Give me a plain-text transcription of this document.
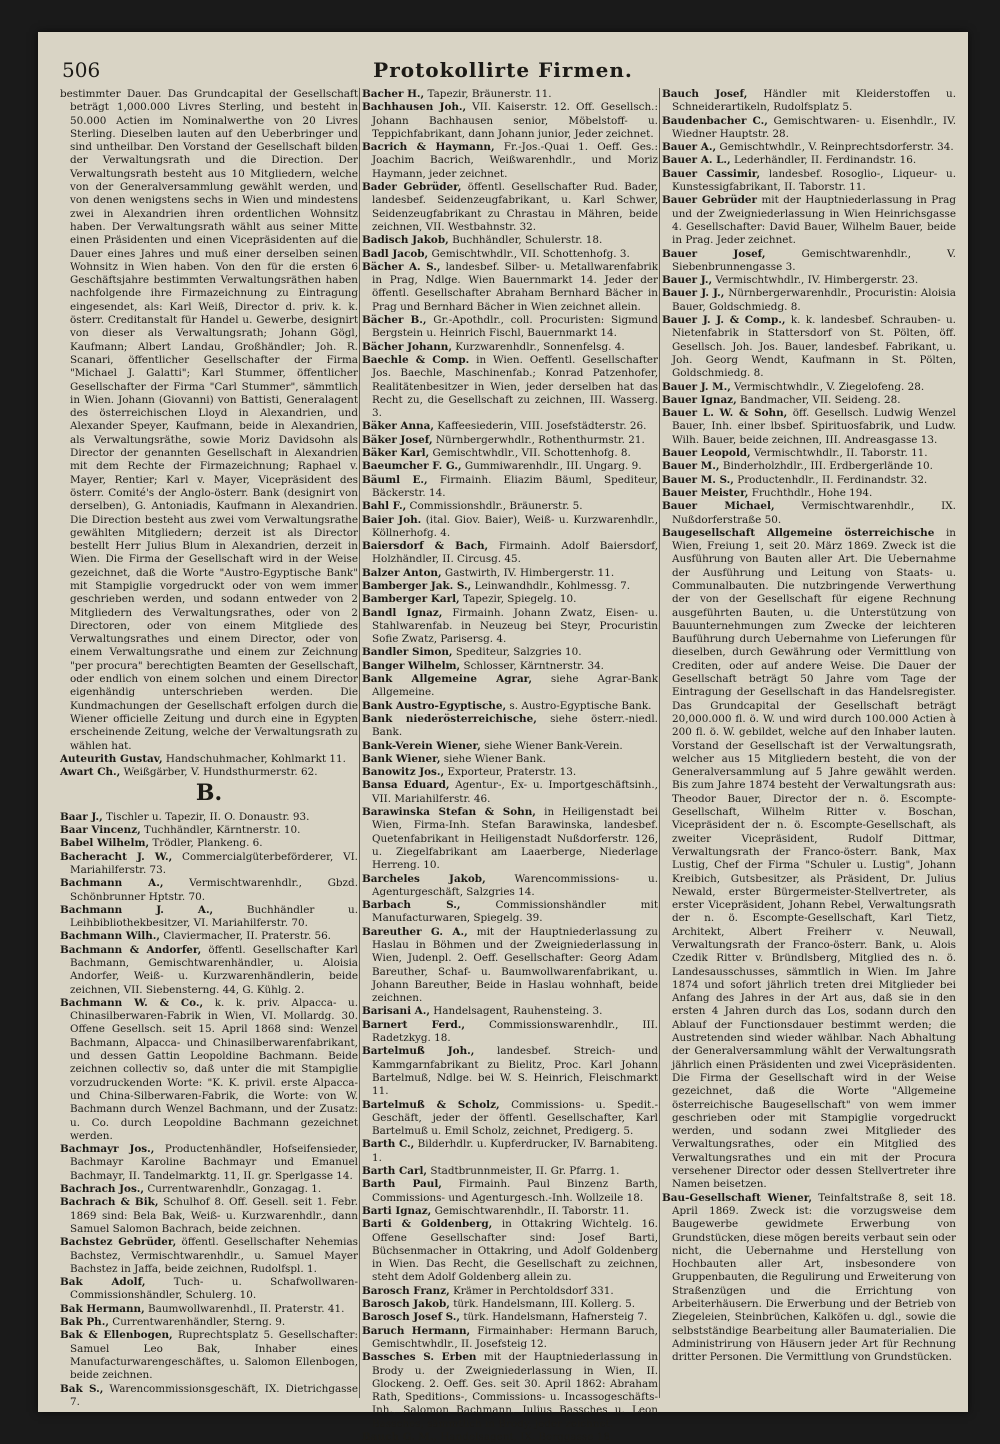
506	Protokollirte Firmen.

bestimmter Dauer. Das Grundcapital der Gesellschaft beträgt 1,000.000 Livres Sterling, und besteht in 50.000 Actien im Nominalwerthe von 20 Livres Sterling. Dieselben lauten auf den Ueberbringer und sind untheilbar. Den Vorstand der Gesellschaft bilden der Verwaltungsrath und die Direction. Der Verwaltungsrath besteht aus 10 Mitgliedern, welche von der Generalversammlung gewählt werden, und von denen wenigstens sechs in Wien und mindestens zwei in Alexandrien ihren ordentlichen Wohnsitz haben. Der Verwaltungsrath wählt aus seiner Mitte einen Präsidenten und einen Vicepräsidenten auf die Dauer eines Jahres und muß einer derselben seinen Wohnsitz in Wien haben. Von den für die ersten 6 Geschäftsjahre bestimmten Verwaltungsräthen haben nachfolgende ihre Firmazeichnung zu Eintragung eingesendet, als: Karl Weiß, Director d. priv. k. k. österr. Creditanstalt für Handel u. Gewerbe, designirt von dieser als Verwaltungsrath; Johann Gögl, Kaufmann; Albert Landau, Großhändler; Joh. R. Scanari, öffentlicher Gesellschafter der Firma "Michael J. Galatti"; Karl Stummer, öffentlicher Gesellschafter der Firma "Carl Stummer", sämmtlich in Wien. Johann (Giovanni) von Battisti, Generalagent des österreichischen Lloyd in Alexandrien, und Alexander Speyer, Kaufmann, beide in Alexandrien, als Verwaltungsräthe, sowie Moriz Davidsohn als Director der genannten Gesellschaft in Alexandrien mit dem Rechte der Firmazeichnung; Raphael v. Mayer, Rentier; Karl v. Mayer, Vicepräsident des österr. Comité's der Anglo-österr. Bank (designirt von derselben), G. Antoniadis, Kaufmann in Alexandrien. Die Direction besteht aus zwei vom Verwaltungsrathe gewählten Mitgliedern; derzeit ist als Director bestellt Herr Julius Blum in Alexandrien, derzeit in Wien. Die Firma der Gesellschaft wird in der Weise gezeichnet, daß die Worte "Austro-Egyptische Bank" mit Stampiglie vorgedruckt oder von wem immer geschrieben werden, und sodann entweder von 2 Mitgliedern des Verwaltungsrathes, oder von 2 Directoren, oder von einem Mitgliede des Verwaltungsrathes und einem Director, oder von einem Verwaltungsrathe und einem zur Zeichnung "per procura" berechtigten Beamten der Gesellschaft, oder endlich von einem solchen und einem Director eigenhändig unterschrieben werden. Die Kundmachungen der Gesellschaft erfolgen durch die Wiener officielle Zeitung und durch eine in Egypten erscheinende Zeitung, welche der Verwaltungsrath zu wählen hat.

Auteurith Gustav, Handschuhmacher, Kohlmarkt 11.

Awart Ch., Weißgärber, V. Hundsthurmerstr. 62.

B.

Baar J., Tischler u. Tapezir, II. O. Donaustr. 93.

Baar Vincenz, Tuchhändler, Kärntnerstr. 10.

Babel Wilhelm, Trödler, Plankeng. 6.

Bacheracht J. W., Commercialgüterbeförderer, VI. Mariahilferstr. 73.

Bachmann A., Vermischtwarenhdlr., Gbzd. Schönbrunner Hptstr. 70.

Bachmann J. A.,	Buchhändler u. Leihbibliothekbesitzer, VI. Mariahilferstr. 70.

Bachmann Wilh., Claviermacher, II. Praterstr. 56.

Bachmann & Andorfer, öffentl. Gesellschafter Karl Bachmann, Gemischtwarenhändler, u. Aloisia Andorfer, Weiß- u. Kurzwarenhändlerin, beide zeichnen, VII. Siebensterng. 44, G. Kühlg. 2.

Bachmann W. & Co., k. k. priv. Alpacca- u. Chinasilberwaren-Fabrik in Wien, VI. Mollardg. 30. Offene Gesellsch. seit 15. April 1868 sind: Wenzel Bachmann, Alpacca- und Chinasilberwarenfabrikant, und dessen Gattin Leopoldine Bachmann. Beide zeichnen collectiv so, daß unter die mit Stampiglie vorzudruckenden Worte: "K. K. privil. erste Alpacca- und China-Silberwaren-Fabrik, die Worte: von W. Bachmann durch Wenzel Bachmann, und der Zusatz: u. Co. durch Leopoldine Bachmann gezeichnet werden.

Bachmayr Jos., Productenhändler, Hofseifensieder, Bachmayr Karoline Bachmayr und Emanuel Bachmayr, II. Tandelmarktg. 11, II. gr. Sperlgasse 14.

Bachrach Jos., Currentwarenhdlr., Gonzagag. 1.

Bachrach & Bik, Schulhof 8. Off. Gesell. seit 1. Febr. 1869 sind: Bela Bak, Weiß- u. Kurzwarenhdlr., dann Samuel Salomon Bachrach, beide zeichnen.

Bachstez Gebrüder, öffentl. Gesellschafter Nehemias Bachstez, Vermischtwarenhdlr., u. Samuel Mayer Bachstez in Jaffa, beide zeichnen, Rudolfspl. 1.

Bak Adolf,	Tuch- u. Schafwollwaren-Commissionshändler, Schulerg. 10.

Bak Hermann, Baumwollwarenhdl., II. Praterstr. 41.

Bak Ph., Currentwarenhändler, Sterng. 9.

Bak & Ellenbogen, Ruprechtsplatz 5. Gesellschafter: Samuel Leo Bak, Inhaber eines Manufacturwarengeschäftes, u. Salomon Ellenbogen, beide zeichnen.

Bak S., Warencommissionsgeschäft, IX. Dietrichgasse 7.

Bacher H., Tapezir, Bräunerstr. 11.

Bachhausen Joh., VII. Kaiserstr. 12. Off. Gesellsch.: Johann Bachhausen senior, Möbelstoff- u. Teppichfabrikant, dann Johann junior, Jeder zeichnet.

Bacrich & Haymann, Fr.-Jos.-Quai 1. Oeff. Ges.: Joachim Bacrich, Weißwarenhdlr., und Moriz Haymann, jeder zeichnet.

Bader Gebrüder, öffentl. Gesellschafter Rud. Bader, landesbef. Seidenzeugfabrikant, u. Karl Schwer, Seidenzeugfabrikant zu Chrastau in Mähren, beide zeichnen, VII. Westbahnstr. 32.

Badisch Jakob, Buchhändler, Schulerstr. 18.

Badl Jacob, Gemischtwhdlr., VII. Schottenhofg. 3.

Bächer A. S., landesbef. Silber- u. Metallwarenfabrik in Prag, Ndlge. Wien Bauernmarkt 14. Jeder der öffentl. Gesellschafter Abraham Bernhard Bächer in Prag und Bernhard Bächer in Wien zeichnet allein.

Bächer B., Gr.-Apothdlr., coll. Procuristen: Sigmund Bergstein u. Heinrich Fischl, Bauernmarkt 14.

Bächer Johann, Kurzwarenhdlr., Sonnenfelsg. 4.

Baechle & Comp. in Wien. Oeffentl. Gesellschafter Jos. Baechle, Maschinenfab.; Konrad Patzenhofer, Realitätenbesitzer in Wien, jeder derselben hat das Recht zu, die Gesellschaft zu zeichnen, III. Wasserg. 3.

Bäker Anna, Kaffeesiederin, VIII. Josefstädterstr. 26.

Bäker Josef, Nürnbergerwhdlr., Rothenthurmstr. 21.

Bäker Karl, Gemischtwhdlr., VII. Schottenhofg. 8.

Baeumcher F. G., Gummiwarenhdlr., III. Ungarg. 9.

Bäuml E., Firmainh. Eliazim Bäuml, Spediteur, Bäckerstr. 14.

Bahl F., Commissionshdlr., Bräunerstr. 5.

Baier Joh. (ital. Giov. Baier), Weiß- u. Kurzwarenhdlr., Köllnerhofg. 4.

Baiersdorf & Bach, Firmainh. Adolf Baiersdorf, Holzhändler, II. Circusg. 45.

Balzer Anton, Gastwirth, IV. Himbergerstr. 11.

Bamberger Jak. S., Leinwandhdlr., Kohlmessg. 7.

Bamberger Karl, Tapezir, Spiegelg. 10.

Bandl Ignaz, Firmainh. Johann Zwatz, Eisen- u. Stahlwarenfab. in Neuzeug bei Steyr, Procuristin Sofie Zwatz, Parisersg. 4.

Bandler Simon, Spediteur, Salzgries 10.

Banger Wilhelm, Schlosser, Kärntnerstr. 34.

Bank Allgemeine Agrar, siehe Agrar-Bank Allgemeine.

Bank Austro-Egyptische, s. Austro-Egyptische Bank.

Bank niederösterreichische, siehe österr.-niedl. Bank.

Bank-Verein Wiener, siehe Wiener Bank-Verein.

Bank Wiener, siehe Wiener Bank.

Banowitz Jos., Exporteur, Praterstr. 13.

Bansa Eduard, Agentur-, Ex- u. Importgeschäftsinh., VII. Mariahilferstr. 46.

Barawinska Stefan & Sohn, in Heiligenstadt bei Wien, Firma-Inh. Stefan Barawinska, landesbef. Quetenfabrikant in Heiligenstadt Nußdorferstr. 126, u. Ziegelfabrikant am Laaerberge, Niederlage Herreng. 10.

Barcheles Jakob,	Warencommissions- u. Agenturgeschäft, Salzgries 14.

Barbach S.,	Commissionshändler mit Manufacturwaren, Spiegelg. 39.

Bareuther G. A., mit der Hauptniederlassung zu Haslau in Böhmen und der Zweigniederlassung in Wien, Judenpl. 2. Oeff. Gesellschafter: Georg Adam Bareuther, Schaf- u. Baumwollwarenfabrikant, u. Johann Bareuther, Beide in Haslau wohnhaft, beide zeichnen.

Barisani A., Handelsagent, Rauhensteing. 3.

Barnert Ferd., Commissionswarenhdlr., III. Radetzkyg. 18.

Bartelmuß Joh., landesbef. Streich- und Kammgarnfabrikant zu Bielitz, Proc. Karl Johann Bartelmuß, Ndlge. bei W. S. Heinrich, Fleischmarkt 11.

Bartelmuß & Scholz, Commissions- u. Spedit.-Geschäft, jeder der öffentl. Gesellschafter, Karl Bartelmuß u. Emil Scholz, zeichnet, Predigerg. 5.

Barth C., Bilderhdlr. u. Kupferdrucker, IV. Barnabiteng. 1.

Barth Carl, Stadtbrunnmeister, II. Gr. Pfarrg. 1.

Barth Paul, Firmainh. Paul Binzenz Barth, Commissions- und Agenturgesch.-Inh. Wollzeile 18.

Barti Ignaz, Gemischtwarenhdlr., II. Taborstr. 11.

Barti & Goldenberg, in Ottakring Wichtelg. 16. Offene Gesellschafter sind: Josef Barti, Büchsenmacher in Ottakring, und Adolf Goldenberg in Wien. Das Recht, die Gesellschaft zu zeichnen, steht dem Adolf Goldenberg allein zu.

Barosch Franz, Krämer in Perchtoldsdorf 331.

Barosch Jakob, türk. Handelsmann, III. Kollerg. 5.

Barosch Josef S., türk. Handelsmann, Hafnersteig 7.

Baruch Hermann, Firmainhaber: Hermann Baruch, Gemischtwhdlr., II. Josefsteig 12.

Bassches S. Erben mit der Hauptniederlassung in Brody u. der Zweigniederlassung in Wien, II. Glockeng. 2. Oeff. Ges. seit 30. April 1862: Abraham Rath, Speditions-, Commissions- u. Incassogeschäfts-Inh., Salomon Bachmann, Julius Bassches u. Leon Bassches, sämmtlich in Brody, jeder zeichnet.

Bauch G. M., Handelsagent, IX. Berggasse 18.

Bauch Josef, Händler mit Kleiderstoffen u. Schneiderartikeln, Rudolfsplatz 5.

Baudenbacher C., Gemischtwaren- u. Eisenhdlr., IV. Wiedner Hauptstr. 28.

Bauer A., Gemischtwhdlr., V. Reinprechtsdorferstr. 34.

Bauer A. L., Lederhändler, II. Ferdinandstr. 16.

Bauer Cassimir, landesbef. Rosoglio-, Liqueur- u. Kunstessigfabrikant, II. Taborstr. 11.

Bauer Gebrüder mit der Hauptniederlassung in Prag und der Zweigniederlassung in Wien Heinrichsgasse 4. Gesellschafter: David Bauer, Wilhelm Bauer, beide in Prag. Jeder zeichnet.

Bauer Josef,	Gemischtwarenhdlr., V. Siebenbrunnengasse 3.

Bauer J., Vermischtwhdlr., IV. Himbergerstr. 23.

Bauer J. J., Nürnbergerwarenhdlr., Procuristin: Aloisia Bauer, Goldschmiedg. 8.

Bauer J. J. & Comp., k. k. landesbef. Schrauben- u. Nietenfabrik in Stattersdorf von St. Pölten, öff. Gesellsch. Joh. Jos. Bauer, landesbef. Fabrikant, u. Joh. Georg Wendt, Kaufmann in St. Pölten, Goldschmiedg. 8.

Bauer J. M., Vermischtwhdlr., V. Ziegelofeng. 28.

Bauer Ignaz, Bandmacher, VII. Seideng. 28.

Bauer L. W. & Sohn, öff. Gesellsch. Ludwig Wenzel Bauer, Inh. einer lbsbef. Spirituosfabrik, und Ludw. Wilh. Bauer, beide zeichnen, III. Andreasgasse 13.

Bauer Leopold, Vermischtwhdlr., II. Taborstr. 11.

Bauer M., Binderholzhdlr., III. Erdbergerlände 10.

Bauer M. S., Productenhdlr., II. Ferdinandstr. 32.

Bauer Meister, Fruchthdlr., Hohe 194.

Bauer Michael,	Vermischtwarenhdlr., IX. Nußdorferstraße 50.

Baugesellschaft Allgemeine österreichische in Wien, Freiung 1, seit 20. März 1869. Zweck ist die Ausführung von Bauten aller Art. Die Uebernahme der Ausführung und Leitung von Staats- u. Communalbauten. Die nutzbringende Verwerthung der von der Gesellschaft für eigene Rechnung ausgeführten Bauten, u. die Unterstützung von Bauunternehmungen zum Zwecke der leichteren Bauführung durch Uebernahme von Lieferungen für dieselben, durch Gewährung oder Vermittlung von Crediten, oder auf andere Weise. Die Dauer der Gesellschaft beträgt 50 Jahre vom Tage der Eintragung der Gesellschaft in das Handelsregister. Das Grundcapital der Gesellschaft beträgt 20,000.000 fl. ö. W. und wird durch 100.000 Actien à 200 fl. ö. W. gebildet, welche auf den Inhaber lauten. Vorstand der Gesellschaft ist der Verwaltungsrath, welcher aus 15 Mitgliedern besteht, die von der Generalversammlung auf 5 Jahre gewählt werden. Bis zum Jahre 1874 besteht der Verwaltungsrath aus: Theodor Bauer, Director der n. ö. Escompte-Gesellschaft, Wilhelm Ritter v. Boschan, Vicepräsident der n. ö. Escompte-Gesellschaft, als zweiter Vicepräsident, Rudolf Dittmar, Verwaltungsrath der Franco-österr. Bank, Max Lustig, Chef der Firma "Schuler u. Lustig", Johann Kreibich, Gutsbesitzer, als Präsident, Dr. Julius Newald, erster Bürgermeister-Stellvertreter, als erster Vicepräsident, Johann Rebel, Verwaltungsrath der n. ö. Escompte-Gesellschaft, Karl Tietz, Architekt, Albert Freiherr v. Neuwall, Verwaltungsrath der Franco-österr. Bank, u. Alois Czedik Ritter v. Bründlsberg, Mitglied des n. ö. Landesausschusses, sämmtlich in Wien. Im Jahre 1874 und sofort jährlich treten drei Mitglieder bei Anfang des Jahres in der Art aus, daß sie in den ersten 4 Jahren durch das Los, sodann durch den Ablauf der Functionsdauer bestimmt werden; die Austretenden sind wieder wählbar. Nach Abhaltung der Generalversammlung wählt der Verwaltungsrath jährlich einen Präsidenten und zwei Vicepräsidenten. Die Firma der Gesellschaft wird in der Weise gezeichnet, daß die Worte "Allgemeine österreichische Baugesellschaft" von wem immer geschrieben oder mit Stampiglie vorgedruckt werden, und sodann zwei Mitglieder des Verwaltungsrathes, oder ein Mitglied des Verwaltungsrathes und ein mit der Procura versehener Director oder dessen Stellvertreter ihre Namen beisetzen.

Bau-Gesellschaft Wiener, Teinfaltstraße 8, seit 18. April 1869. Zweck ist: die vorzugsweise dem Baugewerbe gewidmete Erwerbung von Grundstücken, diese mögen bereits verbaut sein oder nicht, die Uebernahme und Herstellung von Hochbauten aller Art, insbesondere von Gruppenbauten, die Regulirung und Erweiterung von Straßenzügen und die Errichtung von Arbeiterhäusern. Die Erwerbung und der Betrieb von Ziegeleien, Steinbrüchen, Kalköfen u. dgl., sowie die selbstständige Bearbeitung aller Baumaterialien. Die Administrirung von Häusern jeder Art für Rechnung dritter Personen. Die Vermittlung von Grundstücken.
